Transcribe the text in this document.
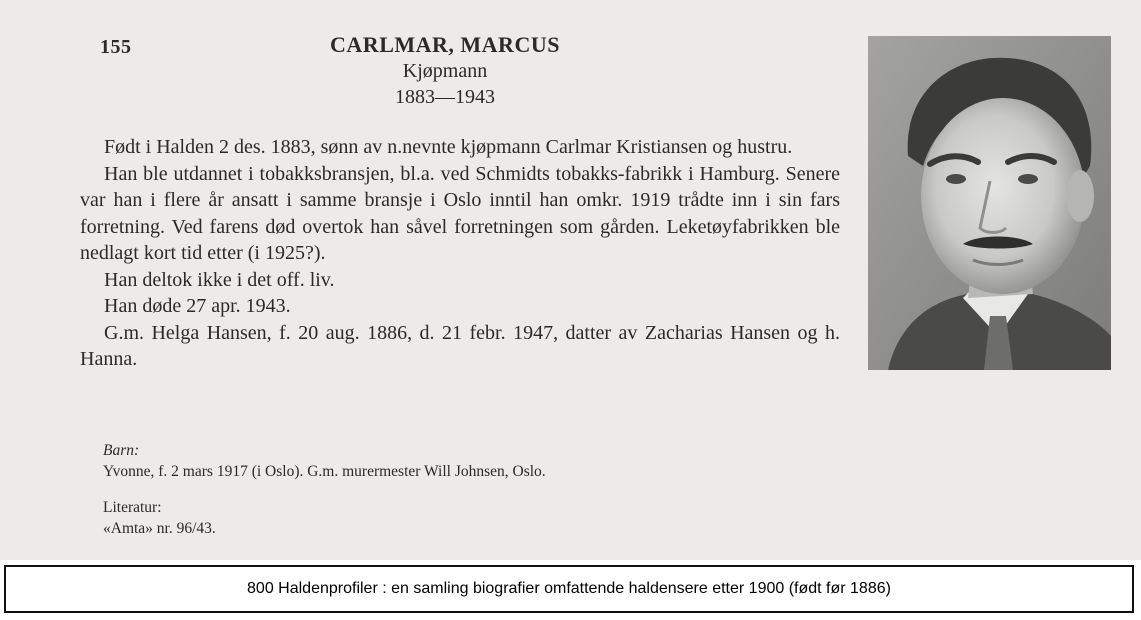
155	CARLMAR, MARCUS
Kjøpmann
1883—1943

Født i Halden 2 des. 1883, sønn av n.nevnte kjøpmann Carlmar Kristiansen og hustru.

Han ble utdannet i tobakksbransjen, bl.a. ved Schmidts tobakks-fabrikk i Hamburg. Senere var han i flere år ansatt i samme bransje i Oslo inntil han omkr. 1919 trådte inn i sin fars forretning. Ved farens død overtok han såvel forretningen som gården. Leketøyfabrikken ble nedlagt kort tid etter (i 1925?).

Han deltok ikke i det off. liv.

Han døde 27 apr. 1943.

G.m. Helga Hansen, f. 20 aug. 1886, d. 21 febr. 1947, datter av Zacharias Hansen og h. Hanna.

Barn:
Yvonne, f. 2 mars 1917 (i Oslo). G.m. murermester Will Johnsen, Oslo.
Literatur:
«Amta» nr. 96/43.
800 Haldenprofiler : en samling biografier omfattende haldensere etter 1900 (født før 1886)
